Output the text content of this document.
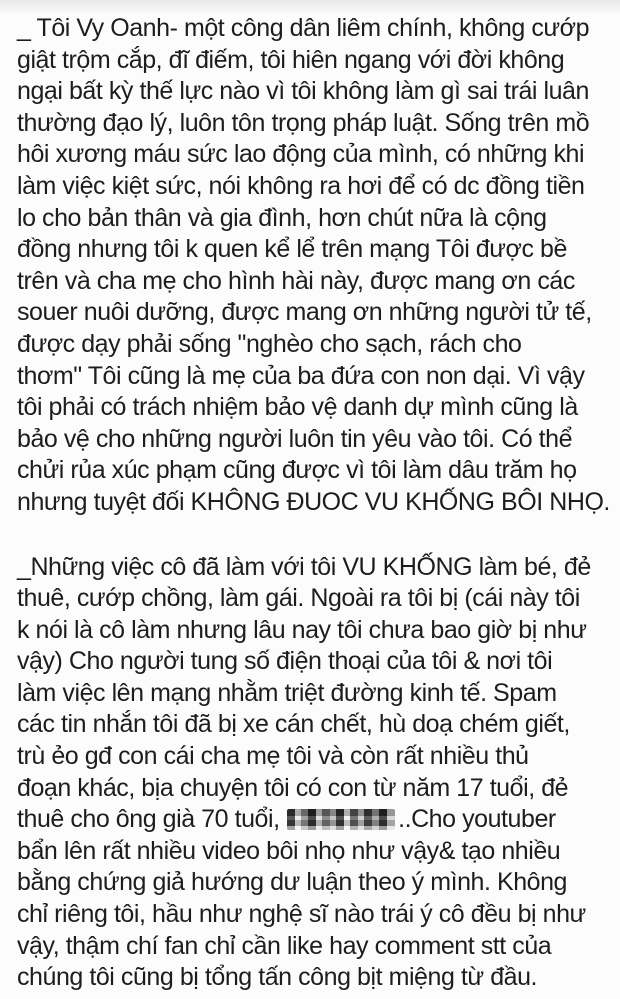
_ Tôi Vy Oanh- một công dân liêm chính, không cướp
giật trộm cắp, đĩ điếm, tôi hiên ngang với đời không
ngại bất kỳ thế lực nào vì tôi không làm gì sai trái luân
thường đạo lý, luôn tôn trọng pháp luật. Sống trên mồ
hôi xương máu sức lao động của mình, có những khi
làm việc kiệt sức, nói không ra hơi để có dc đồng tiền
lo cho bản thân và gia đình, hơn chút nữa là cộng
đồng nhưng tôi k quen kể lể trên mạng Tôi được bề
trên và cha mẹ cho hình hài này, được mang ơn các
souer nuôi dưỡng, được mang ơn những người tử tế,
được dạy phải sống "nghèo cho sạch, rách cho
thơm" Tôi cũng là mẹ của ba đứa con non dại. Vì vậy
tôi phải có trách nhiệm bảo vệ danh dự mình cũng là
bảo vệ cho những người luôn tin yêu vào tôi. Có thể
chửi rủa xúc phạm cũng được vì tôi làm dâu trăm họ
nhưng tuyệt đối KHÔNG ĐUOC VU KHỐNG BÔI NHỌ.
_Những việc cô đã làm với tôi VU KHỐNG làm bé, đẻ
thuê, cướp chồng, làm gái. Ngoài ra tôi bị (cái này tôi
k nói là cô làm nhưng lâu nay tôi chưa bao giờ bị như
vậy) Cho người tung số điện thoại của tôi & nơi tôi
làm việc lên mạng nhằm triệt đường kinh tế. Spam
các tin nhắn tôi đã bị xe cán chết, hù doạ chém giết,
trù ẻo gđ con cái cha mẹ tôi và còn rất nhiều thủ
đoạn khác, bịa chuyện tôi có con từ năm 17 tuổi, đẻ
thuê cho ông già 70 tuổi,	..Cho youtuber
bẩn lên rất nhiều video bôi nhọ như vậy& tạo nhiều
bằng chứng giả hướng dư luận theo ý mình. Không
chỉ riêng tôi, hầu như nghệ sĩ nào trái ý cô đều bị như
vậy, thậm chí fan chỉ cần like hay comment stt của
chúng tôi cũng bị tổng tấn công bịt miệng từ đầu.
